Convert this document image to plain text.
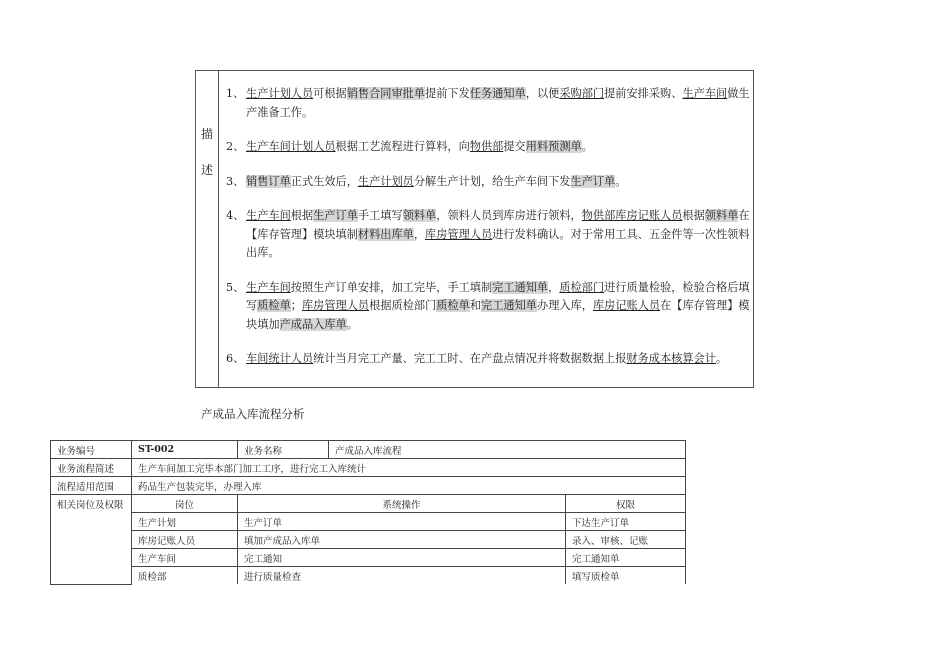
描
述
1、 生产计划人员可根据销售合同审批单提前下发任务通知单，以便采购部门提前安排采购、生产车间做生产准备工作。
2、 生产车间计划人员根据工艺流程进行算料，向物供部提交用料预测单。
3、 销售订单正式生效后，生产计划员分解生产计划，给生产车间下发生产订单。
4、 生产车间根据生产订单手工填写领料单，领料人员到库房进行领料，物供部库房记账人员根据领料单在【库存管理】模块填制材料出库单，库房管理人员进行发料确认。对于常用工具、五金件等一次性领料出库。
5、 生产车间按照生产订单安排，加工完毕，手工填制完工通知单，质检部门进行质量检验，检验合格后填写质检单；库房管理人员根据质检部门质检单和完工通知单办理入库，库房记账人员在【库存管理】模块填加产成品入库单。
6、 车间统计人员统计当月完工产量、完工工时、在产盘点情况并将数据数据上报财务成本核算会计。
产成品入库流程分析
业务编号	ST-002	业务名称	产成品入库流程	
业务流程简述	生产车间加工完毕本部门加工工序，进行完工入库统计			
流程适用范围	药品生产包装完毕，办理入库			
相关岗位及权限	岗位	系统操作		权限
	生产计划	生产订单		下达生产订单
	库房记账人员	填加产成品入库单		录入、审核、记账
	生产车间	完工通知		完工通知单
	质检部	进行质量检查		填写质检单
